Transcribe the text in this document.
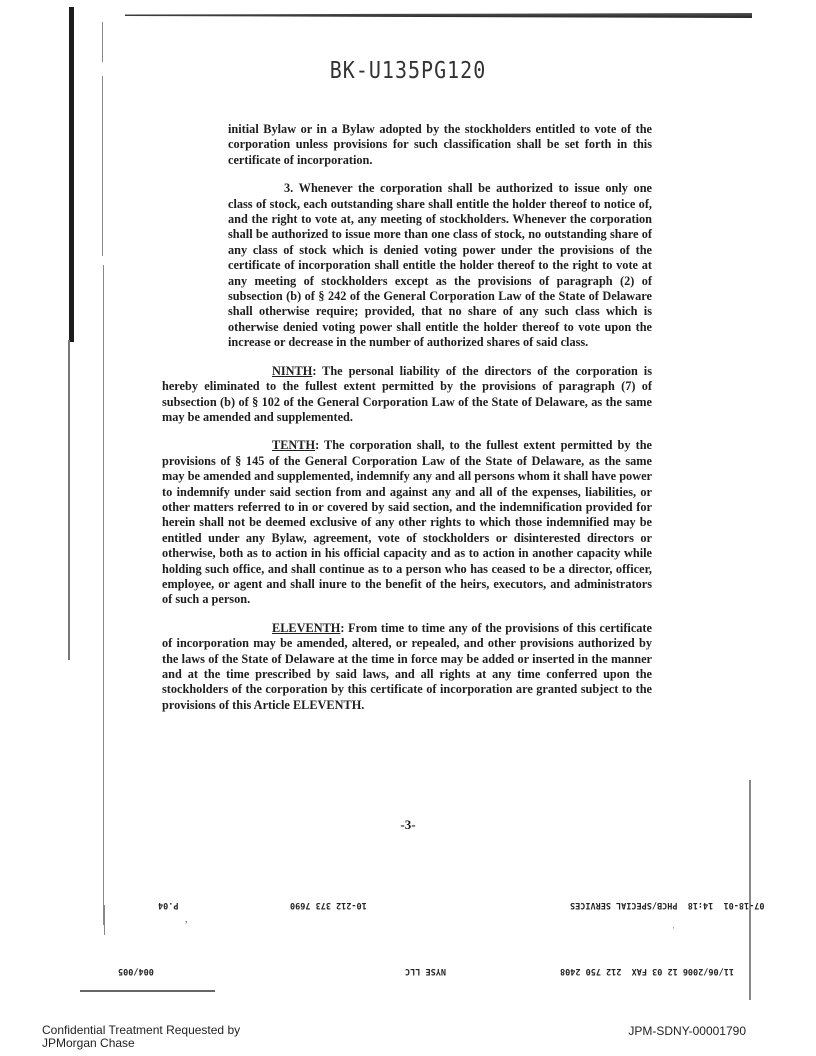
BK-U135PG120

initial Bylaw or in a Bylaw adopted by the stockholders entitled to vote of the corporation unless provisions for such classification shall be set forth in this certificate of incorporation.

3. Whenever the corporation shall be authorized to issue only one class of stock, each outstanding share shall entitle the holder thereof to notice of, and the right to vote at, any meeting of stockholders. Whenever the corporation shall be authorized to issue more than one class of stock, no outstanding share of any class of stock which is denied voting power under the provisions of the certificate of incorporation shall entitle the holder thereof to the right to vote at any meeting of stockholders except as the provisions of paragraph (2) of subsection (b) of § 242 of the General Corporation Law of the State of Delaware shall otherwise require; provided, that no share of any such class which is otherwise denied voting power shall entitle the holder thereof to vote upon the increase or decrease in the number of authorized shares of said class.

NINTH: The personal liability of the directors of the corporation is hereby eliminated to the fullest extent permitted by the provisions of paragraph (7) of subsection (b) of § 102 of the General Corporation Law of the State of Delaware, as the same may be amended and supplemented.

TENTH: The corporation shall, to the fullest extent permitted by the provisions of § 145 of the General Corporation Law of the State of Delaware, as the same may be amended and supplemented, indemnify any and all persons whom it shall have power to indemnify under said section from and against any and all of the expenses, liabilities, or other matters referred to in or covered by said section, and the indemnification provided for herein shall not be deemed exclusive of any other rights to which those indemnified may be entitled under any Bylaw, agreement, vote of stockholders or disinterested directors or otherwise, both as to action in his official capacity and as to action in another capacity while holding such office, and shall continue as to a person who has ceased to be a director, officer, employee, or agent and shall inure to the benefit of the heirs, executors, and administrators of such a person.

ELEVENTH: From time to time any of the provisions of this certificate of incorporation may be amended, altered, or repealed, and other provisions authorized by the laws of the State of Delaware at the time in force may be added or inserted in the manner and at the time prescribed by said laws, and all rights at any time conferred upon the stockholders of the corporation by this certificate of incorporation are granted subject to the provisions of this Article ELEVENTH.

-3-
07-18-01  14:18  PHCB/SPECIAL SERVICES
10-212 373 7690
P.04
,	ˌ
11/06/2006 12 03 FAX  212 750 2408
NYSE LLC
004/005
Confidential Treatment Requested by
JPMorgan Chase
JPM-SDNY-00001790
